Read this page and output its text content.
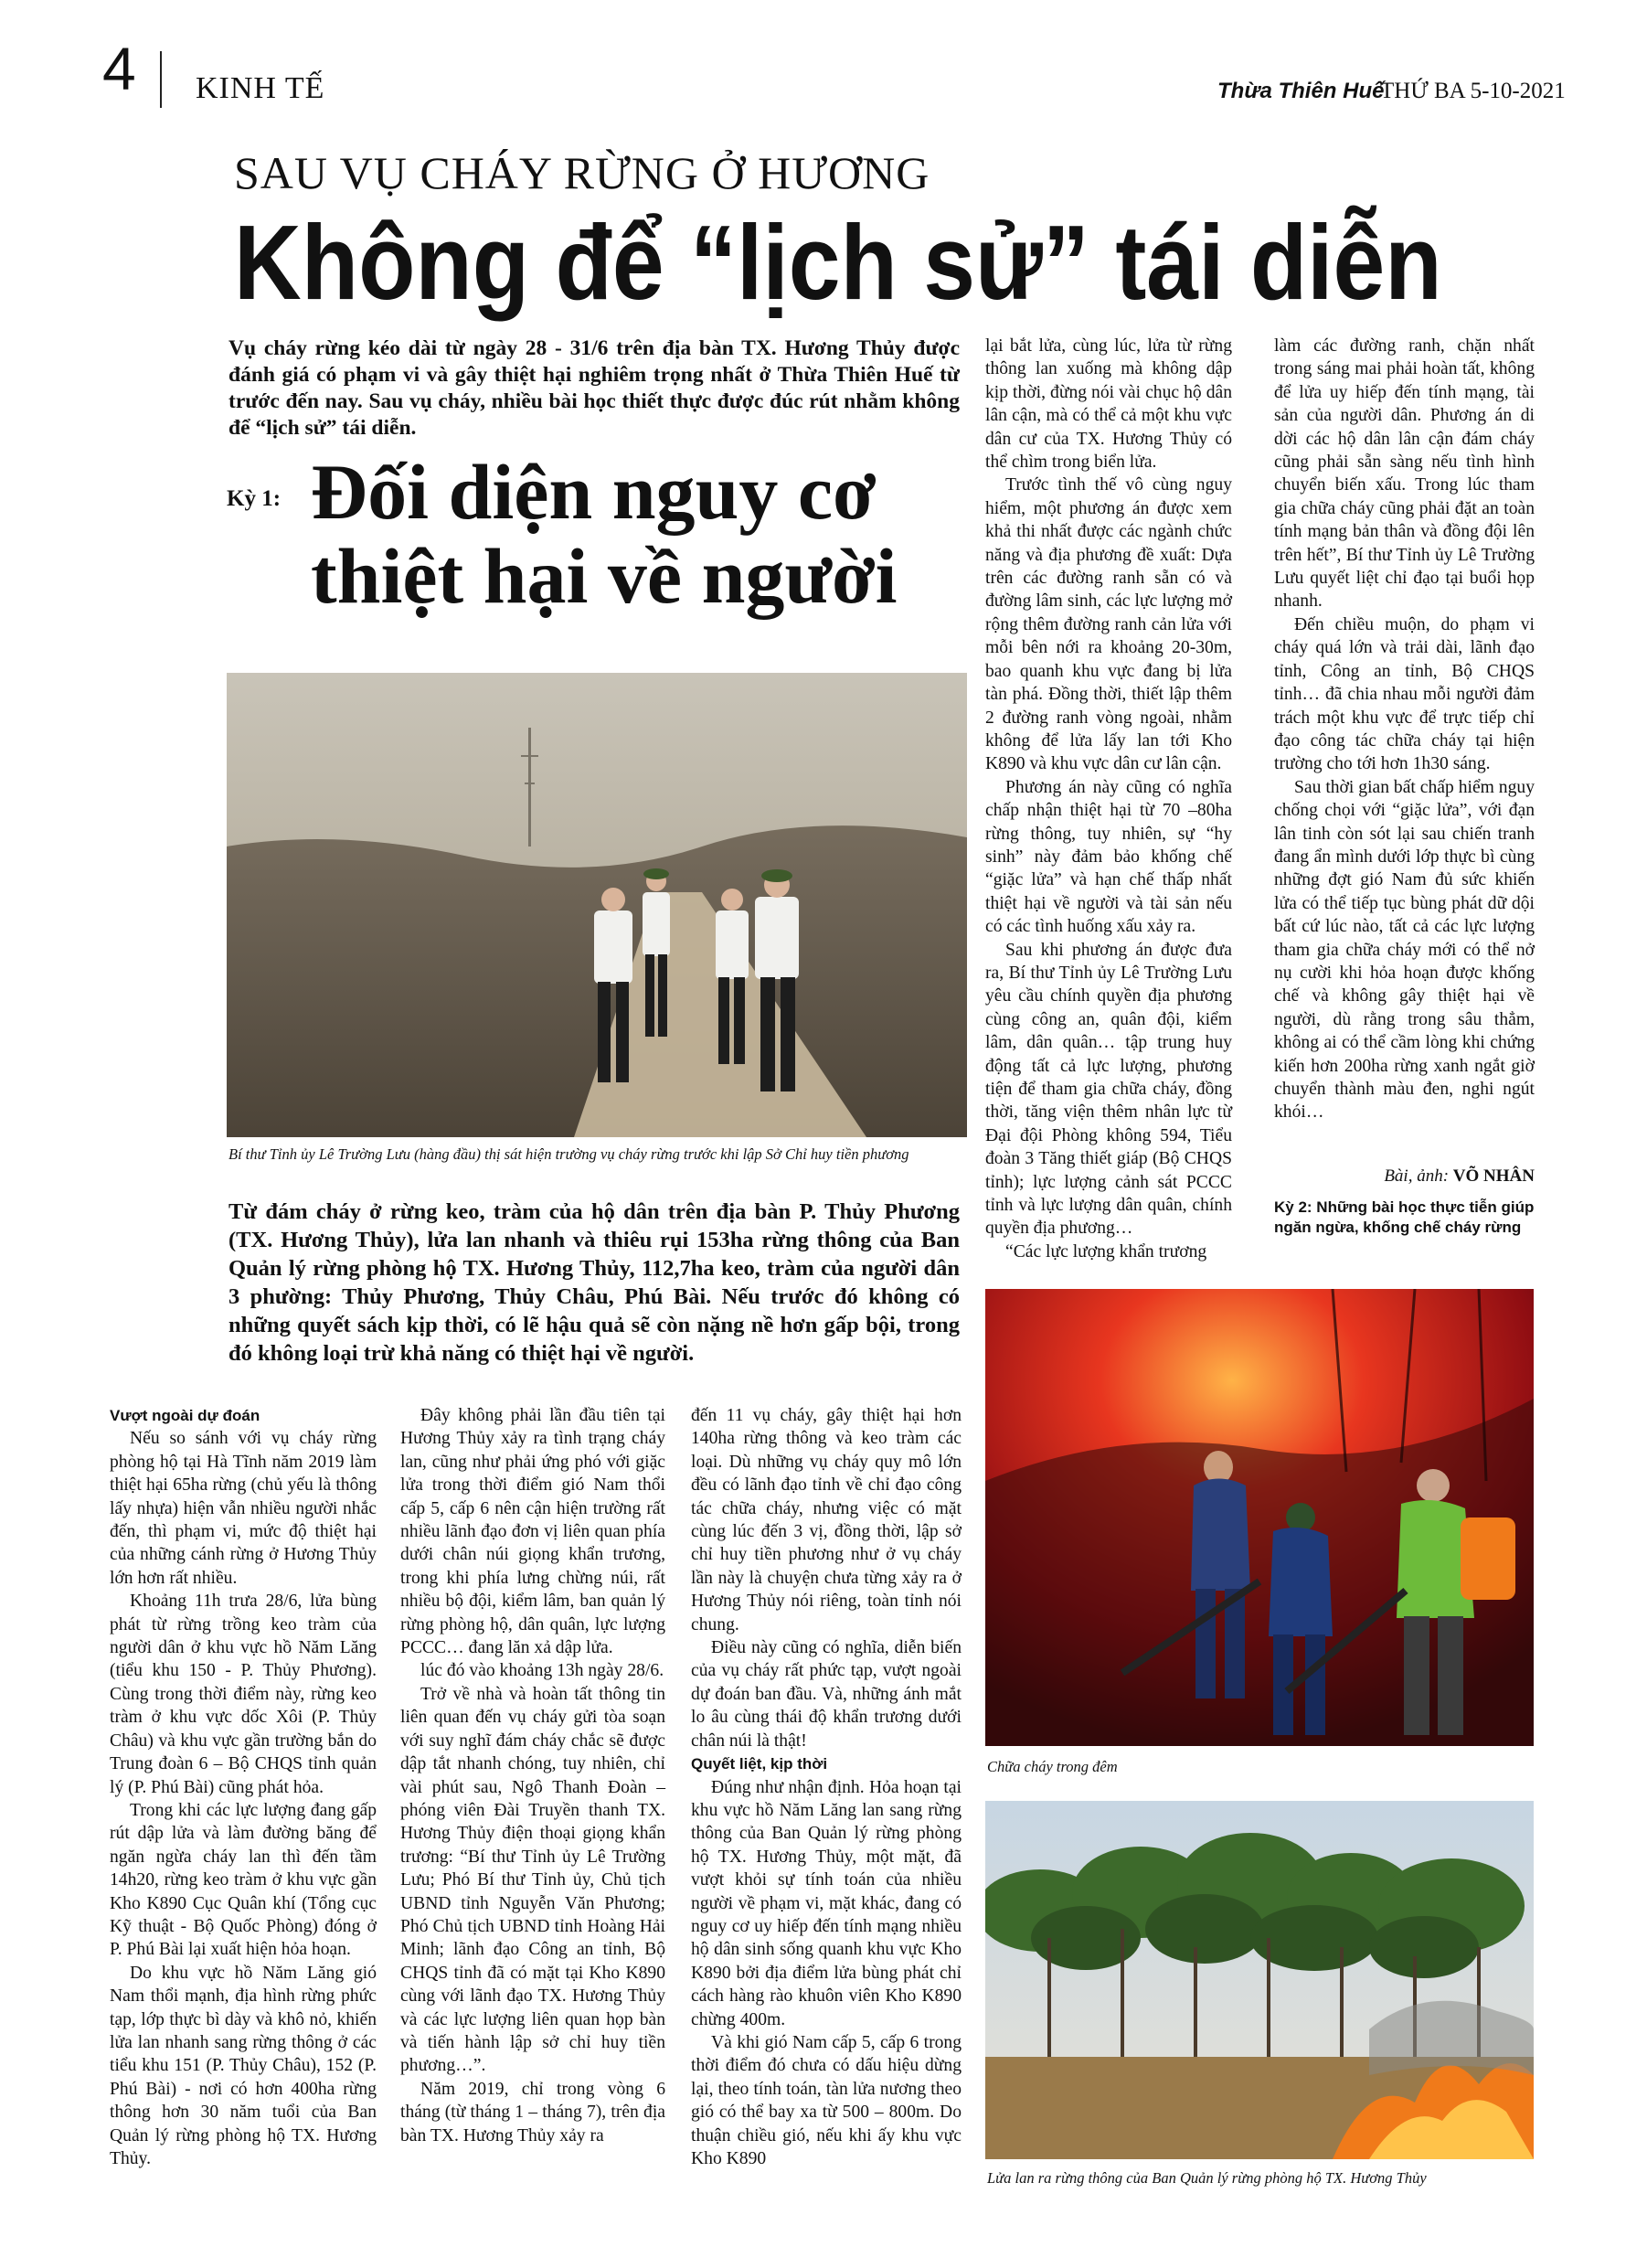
4 KINH TẾ	Thừa Thiên Huế
THỨ BA 5-10-2021
SAU VỤ CHÁY RỪNG Ở HƯƠNG
Không để “lịch sử” tái diễn
Vụ cháy rừng kéo dài từ ngày 28 - 31/6 trên địa bàn TX. Hương Thủy được đánh giá có phạm vi và gây thiệt hại nghiêm trọng nhất ở Thừa Thiên Huế từ trước đến nay. Sau vụ cháy, nhiều bài học thiết thực được đúc rút nhằm không để “lịch sử” tái diễn.
Kỳ 1: Đối diện nguy cơ thiệt hại về người

lại bắt lửa, cùng lúc, lửa từ rừng thông lan xuống mà không dập kịp thời, đừng nói vài chục hộ dân lân cận, mà có thể cả một khu vực dân cư của TX. Hương Thủy có thể chìm trong biển lửa.

Trước tình thế vô cùng nguy hiểm, một phương án được xem khả thi nhất được các ngành chức năng và địa phương đề xuất: Dựa trên các đường ranh sẵn có và đường lâm sinh, các lực lượng mở rộng thêm đường ranh cản lửa với mỗi bên nới ra khoảng 20-30m, bao quanh khu vực đang bị lửa tàn phá. Đồng thời, thiết lập thêm 2 đường ranh vòng ngoài, nhằm không để lửa lấy lan tới Kho K890 và khu vực dân cư lân cận.

Phương án này cũng có nghĩa chấp nhận thiệt hại từ 70 –80ha rừng thông, tuy nhiên, sự “hy sinh” này đảm bảo khống chế “giặc lửa” và hạn chế thấp nhất thiệt hại về người và tài sản nếu có các tình huống xấu xảy ra.

Sau khi phương án được đưa ra, Bí thư Tỉnh ủy Lê Trường Lưu yêu cầu chính quyền địa phương cùng công an, quân đội, kiểm lâm, dân quân… tập trung huy động tất cả lực lượng, phương tiện để tham gia chữa cháy, đồng thời, tăng viện thêm nhân lực từ Đại đội Phòng không 594, Tiểu đoàn 3 Tăng thiết giáp (Bộ CHQS tỉnh); lực lượng cảnh sát PCCC tỉnh và lực lượng dân quân, chính quyền địa phương…

“Các lực lượng khẩn trương

làm các đường ranh, chặn nhất trong sáng mai phải hoàn tất, không để lửa uy hiếp đến tính mạng, tài sản của người dân. Phương án di dời các hộ dân lân cận đám cháy cũng phải sẵn sàng nếu tình hình chuyển biến xấu. Trong lúc tham gia chữa cháy cũng phải đặt an toàn tính mạng bản thân và đồng đội lên trên hết”, Bí thư Tỉnh ủy Lê Trường Lưu quyết liệt chỉ đạo tại buổi họp nhanh.

Đến chiều muộn, do phạm vi cháy quá lớn và trải dài, lãnh đạo tỉnh, Công an tỉnh, Bộ CHQS tỉnh… đã chia nhau mỗi người đảm trách một khu vực để trực tiếp chỉ đạo công tác chữa cháy tại hiện trường cho tới hơn 1h30 sáng.

Sau thời gian bất chấp hiểm nguy chống chọi với “giặc lửa”, với đạn lân tinh còn sót lại sau chiến tranh đang ẩn mình dưới lớp thực bì cùng những đợt gió Nam đủ sức khiến lửa có thể tiếp tục bùng phát dữ dội bất cứ lúc nào, tất cả các lực lượng tham gia chữa cháy mới có thể nở nụ cười khi hỏa hoạn được khống chế và không gây thiệt hại về người, dù rằng trong sâu thẳm, không ai có thể cầm lòng khi chứng kiến hơn 200ha rừng xanh ngắt giờ chuyển thành màu đen, nghi ngút khói…

Bài, ảnh: VÕ NHÂN
Kỳ 2: Những bài học thực tiễn giúp ngăn ngừa, khống chế cháy rừng
Bí thư Tỉnh ủy Lê Trường Lưu (hàng đầu) thị sát hiện trường vụ cháy rừng trước khi lập Sở Chỉ huy tiền phương
Từ đám cháy ở rừng keo, tràm của hộ dân trên địa bàn P. Thủy Phương (TX. Hương Thủy), lửa lan nhanh và thiêu rụi 153ha rừng thông của Ban Quản lý rừng phòng hộ TX. Hương Thủy, 112,7ha keo, tràm của người dân 3 phường: Thủy Phương, Thủy Châu, Phú Bài. Nếu trước đó không có những quyết sách kịp thời, có lẽ hậu quả sẽ còn nặng nề hơn gấp bội, trong đó không loại trừ khả năng có thiệt hại về người.

Vượt ngoài dự đoán

Nếu so sánh với vụ cháy rừng phòng hộ tại Hà Tĩnh năm 2019 làm thiệt hại 65ha rừng (chủ yếu là thông lấy nhựa) hiện vẫn nhiều người nhắc đến, thì phạm vi, mức độ thiệt hại của những cánh rừng ở Hương Thủy lớn hơn rất nhiều.

Khoảng 11h trưa 28/6, lửa bùng phát từ rừng trồng keo tràm của người dân ở khu vực hồ Năm Lăng (tiểu khu 150 - P. Thủy Phương). Cùng trong thời điểm này, rừng keo tràm ở khu vực dốc Xôi (P. Thủy Châu) và khu vực gần trường bắn do Trung đoàn 6 – Bộ CHQS tỉnh quản lý (P. Phú Bài) cũng phát hỏa.

Trong khi các lực lượng đang gấp rút dập lửa và làm đường băng để ngăn ngừa cháy lan thì đến tầm 14h20, rừng keo tràm ở khu vực gần Kho K890 Cục Quân khí (Tổng cục Kỹ thuật - Bộ Quốc Phòng) đóng ở P. Phú Bài lại xuất hiện hỏa hoạn.

Do khu vực hồ Năm Lăng gió Nam thổi mạnh, địa hình rừng phức tạp, lớp thực bì dày và khô nỏ, khiến lửa lan nhanh sang rừng thông ở các tiểu khu 151 (P. Thủy Châu), 152 (P. Phú Bài) - nơi có hơn 400ha rừng thông hơn 30 năm tuổi của Ban Quản lý rừng phòng hộ TX. Hương Thủy.

Đây không phải lần đầu tiên tại Hương Thủy xảy ra tình trạng cháy lan, cũng như phải ứng phó với giặc lửa trong thời điểm gió Nam thổi cấp 5, cấp 6 nên cận hiện trường rất nhiều lãnh đạo đơn vị liên quan phía dưới chân núi giọng khẩn trương, trong khi phía lưng chừng núi, rất nhiều bộ đội, kiểm lâm, ban quản lý rừng phòng hộ, dân quân, lực lượng PCCC… đang lăn xả dập lửa.

lúc đó vào khoảng 13h ngày 28/6.

Trở về nhà và hoàn tất thông tin liên quan đến vụ cháy gửi tòa soạn với suy nghĩ đám cháy chắc sẽ được dập tắt nhanh chóng, tuy nhiên, chỉ vài phút sau, Ngô Thanh Đoàn – phóng viên Đài Truyền thanh TX. Hương Thủy điện thoại giọng khẩn trương: “Bí thư Tỉnh ủy Lê Trường Lưu; Phó Bí thư Tỉnh ủy, Chủ tịch UBND tỉnh Nguyễn Văn Phương; Phó Chủ tịch UBND tỉnh Hoàng Hải Minh; lãnh đạo Công an tỉnh, Bộ CHQS tỉnh đã có mặt tại Kho K890 cùng với lãnh đạo TX. Hương Thủy và các lực lượng liên quan họp bàn và tiến hành lập sở chỉ huy tiền phương…”.

Năm 2019, chỉ trong vòng 6 tháng (từ tháng 1 – tháng 7), trên địa bàn TX. Hương Thủy xảy ra

đến 11 vụ cháy, gây thiệt hại hơn 140ha rừng thông và keo tràm các loại. Dù những vụ cháy quy mô lớn đều có lãnh đạo tỉnh về chỉ đạo công tác chữa cháy, nhưng việc có mặt cùng lúc đến 3 vị, đồng thời, lập sở chỉ huy tiền phương như ở vụ cháy lần này là chuyện chưa từng xảy ra ở Hương Thủy nói riêng, toàn tỉnh nói chung.

Điều này cũng có nghĩa, diễn biến của vụ cháy rất phức tạp, vượt ngoài dự đoán ban đầu. Và, những ánh mắt lo âu cùng thái độ khẩn trương dưới chân núi là thật!

Quyết liệt, kịp thời

Đúng như nhận định. Hỏa hoạn tại khu vực hồ Năm Lăng lan sang rừng thông của Ban Quản lý rừng phòng hộ TX. Hương Thủy, một mặt, đã vượt khỏi sự tính toán của nhiều người về phạm vi, mặt khác, đang có nguy cơ uy hiếp đến tính mạng nhiều hộ dân sinh sống quanh khu vực Kho K890 bởi địa điểm lửa bùng phát chỉ cách hàng rào khuôn viên Kho K890 chừng 400m.

Và khi gió Nam cấp 5, cấp 6 trong thời điểm đó chưa có dấu hiệu dừng lại, theo tính toán, tàn lửa nương theo gió có thể bay xa từ 500 – 800m. Do thuận chiều gió, nếu khi ấy khu vực Kho K890

Chữa cháy trong đêm
Lửa lan ra rừng thông của Ban Quản lý rừng phòng hộ TX. Hương Thủy
